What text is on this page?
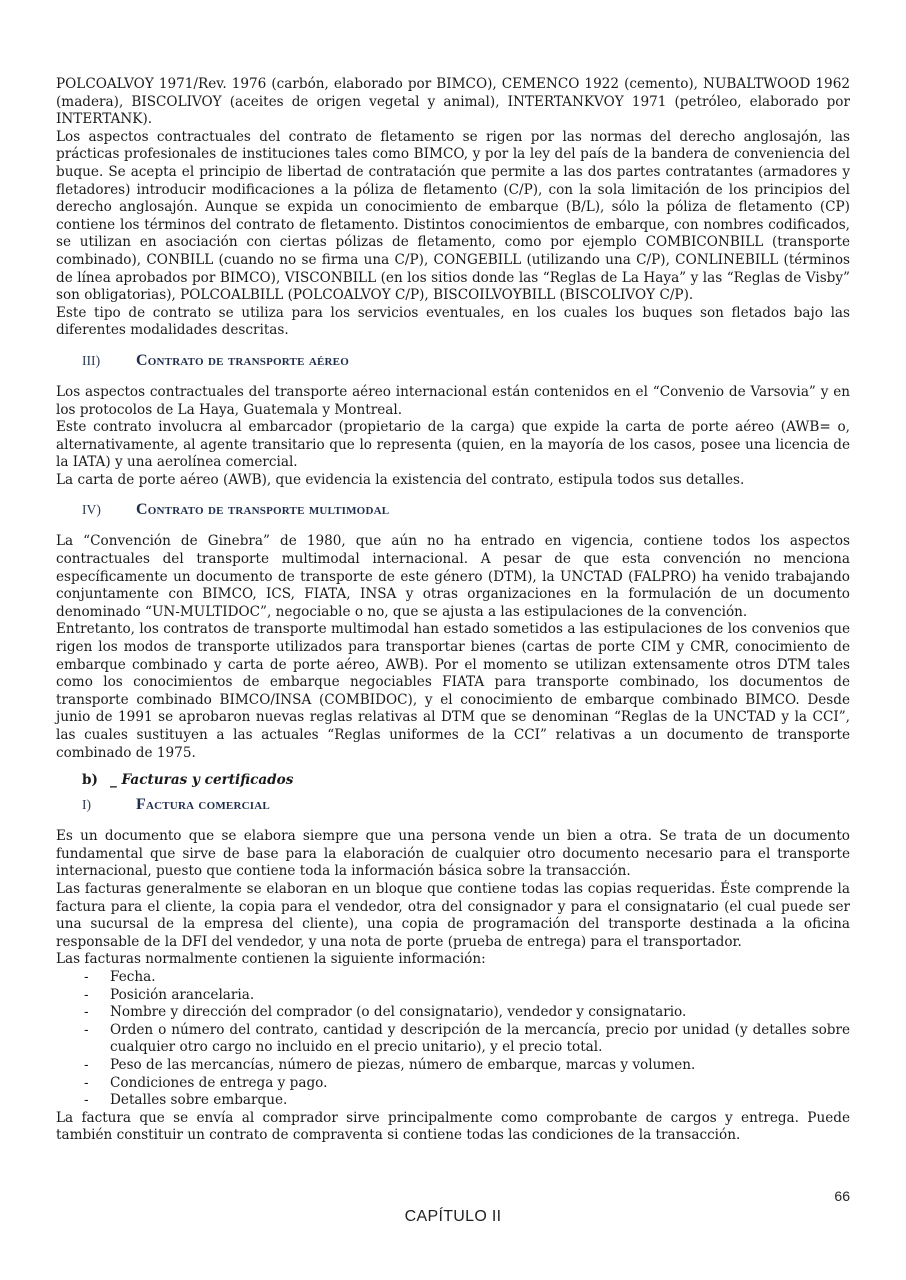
POLCOALVOY 1971/Rev. 1976 (carbón, elaborado por BIMCO), CEMENCO 1922 (cemento), NUBALTWOOD 1962 (madera), BISCOLIVOY (aceites de origen vegetal y animal), INTERTANKVOY 1971 (petróleo, elaborado por INTERTANK).

Los aspectos contractuales del contrato de fletamento se rigen por las normas del derecho anglosajón, las prácticas profesionales de instituciones tales como BIMCO, y por la ley del país de la bandera de conveniencia del buque. Se acepta el principio de libertad de contratación que permite a las dos partes contratantes (armadores y fletadores) introducir modificaciones a la póliza de fletamento (C/P), con la sola limitación de los principios del derecho anglosajón. Aunque se expida un conocimiento de embarque (B/L), sólo la póliza de fletamento (CP) contiene los términos del contrato de fletamento. Distintos conocimientos de embarque, con nombres codificados, se utilizan en asociación con ciertas pólizas de fletamento, como por ejemplo COMBICONBILL (transporte combinado), CONBILL (cuando no se firma una C/P), CONGEBILL (utilizando una C/P), CONLINEBILL (términos de línea aprobados por BIMCO), VISCONBILL (en los sitios donde las “Reglas de La Haya” y las “Reglas de Visby” son obligatorias), POLCOALBILL (POLCOALVOY C/P), BISCOILVOYBILL (BISCOLIVOY C/P).

Este tipo de contrato se utiliza para los servicios eventuales, en los cuales los buques son fletados bajo las diferentes modalidades descritas.

III)	Contrato de transporte aéreo

Los aspectos contractuales del transporte aéreo internacional están contenidos en el “Convenio de Varsovia” y en los protocolos de La Haya, Guatemala y Montreal.

Este contrato involucra al embarcador (propietario de la carga) que expide la carta de porte aéreo (AWB= o, alternativamente, al agente transitario que lo representa (quien, en la mayoría de los casos, posee una licencia de la IATA) y una aerolínea comercial.

La carta de porte aéreo (AWB), que evidencia la existencia del contrato, estipula todos sus detalles.

IV)	Contrato de transporte multimodal

La “Convención de Ginebra” de 1980, que aún no ha entrado en vigencia, contiene todos los aspectos contractuales del transporte multimodal internacional. A pesar de que esta convención no menciona específicamente un documento de transporte de este género (DTM), la UNCTAD (FALPRO) ha venido trabajando conjuntamente con BIMCO, ICS, FIATA, INSA y otras organizaciones en la formulación de un documento denominado “UN-MULTIDOC”, negociable o no, que se ajusta a las estipulaciones de la convención.

Entretanto, los contratos de transporte multimodal han estado sometidos a las estipulaciones de los convenios que rigen los modos de transporte utilizados para transportar bienes (cartas de porte CIM y CMR, conocimiento de embarque combinado y carta de porte aéreo, AWB). Por el momento se utilizan extensamente otros DTM tales como los conocimientos de embarque negociables FIATA para transporte combinado, los documentos de transporte combinado BIMCO/INSA (COMBIDOC), y el conocimiento de embarque combinado BIMCO. Desde junio de 1991 se aprobaron nuevas reglas relativas al DTM que se denominan “Reglas de la UNCTAD y la CCI”, las cuales sustituyen a las actuales “Reglas uniformes de la CCI” relativas a un documento de transporte combinado de 1975.

b) _ Facturas y certificados
I)	Factura comercial

Es un documento que se elabora siempre que una persona vende un bien a otra. Se trata de un documento fundamental que sirve de base para la elaboración de cualquier otro documento necesario para el transporte internacional, puesto que contiene toda la información básica sobre la transacción.

Las facturas generalmente se elaboran en un bloque que contiene todas las copias requeridas. Éste comprende la factura para el cliente, la copia para el vendedor, otra del consignador y para el consignatario (el cual puede ser una sucursal de la empresa del cliente), una copia de programación del transporte destinada a la oficina responsable de la DFI del vendedor, y una nota de porte (prueba de entrega) para el transportador.

Las facturas normalmente contienen la siguiente información:

- Fecha.
- Posición arancelaria.
- Nombre y dirección del comprador (o del consignatario), vendedor y consignatario.
- Orden o número del contrato, cantidad y descripción de la mercancía, precio por unidad (y detalles sobre cualquier otro cargo no incluido en el precio unitario), y el precio total.
- Peso de las mercancías, número de piezas, número de embarque, marcas y volumen.
- Condiciones de entrega y pago.
- Detalles sobre embarque.

La factura que se envía al comprador sirve principalmente como comprobante de cargos y entrega. Puede también constituir un contrato de compraventa si contiene todas las condiciones de la transacción.

66
CAPÍTULO II
